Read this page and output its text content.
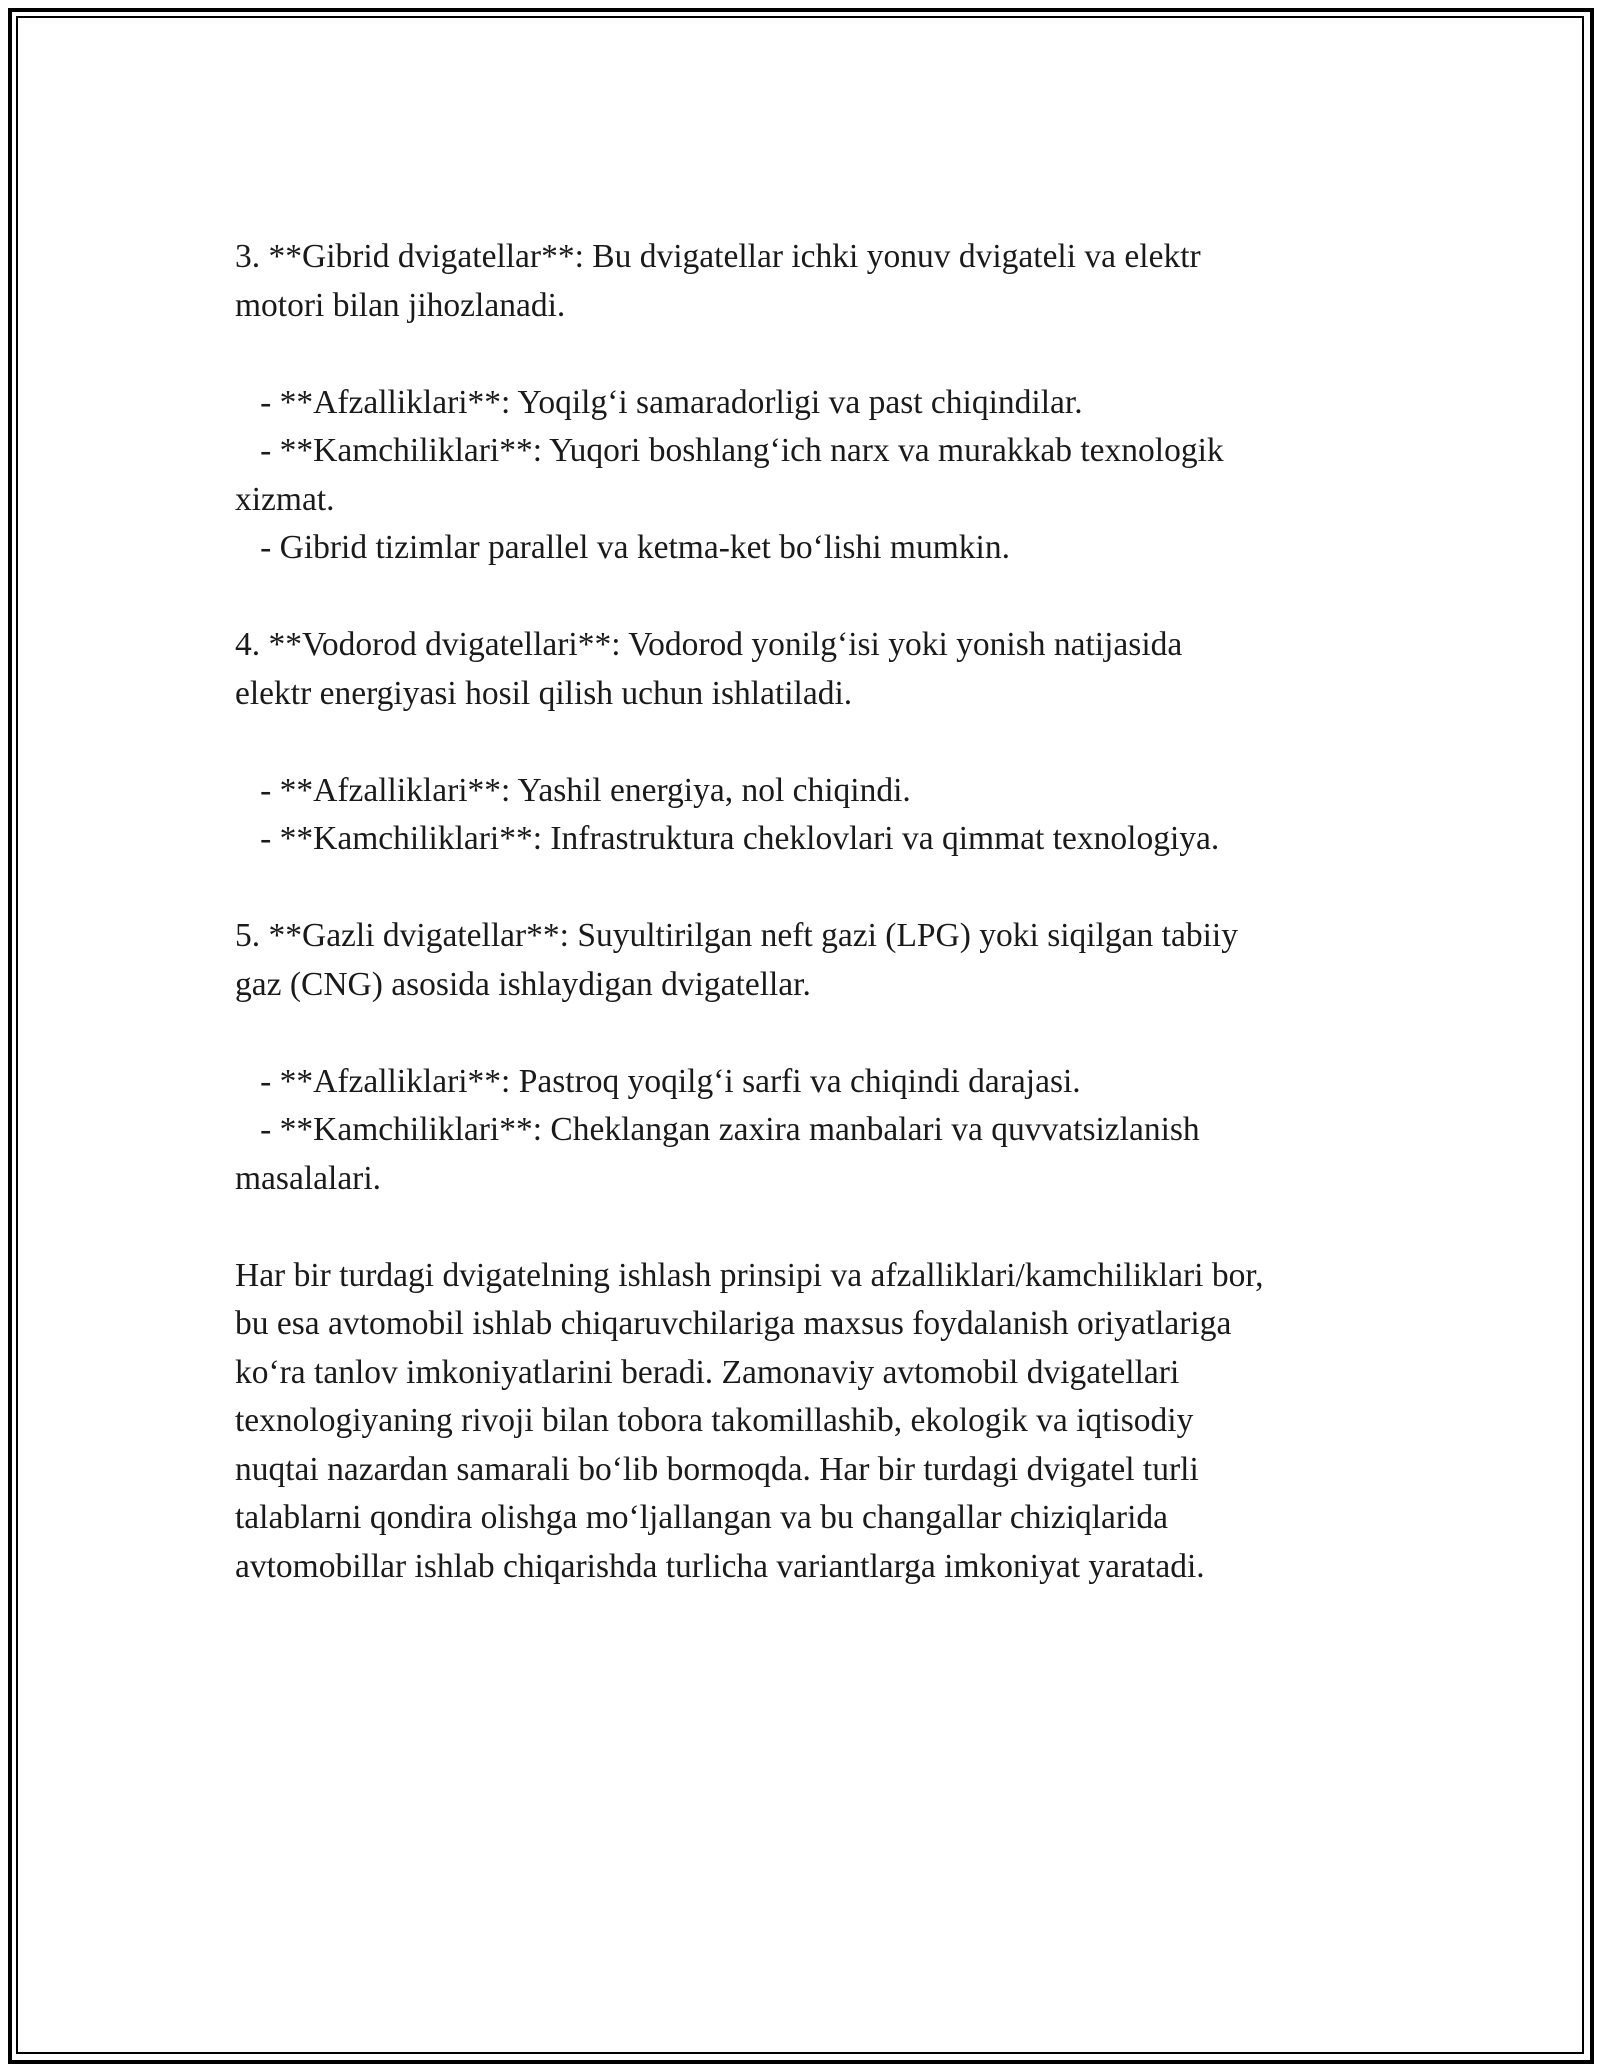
3. **Gibrid dvigatellar**: Bu dvigatellar ichki yonuv dvigateli va elektr
motori bilan jihozlanadi.
- **Afzalliklari**: Yoqilg‘i samaradorligi va past chiqindilar.
- **Kamchiliklari**: Yuqori boshlang‘ich narx va murakkab texnologik
xizmat.
- Gibrid tizimlar parallel va ketma-ket bo‘lishi mumkin.
4. **Vodorod dvigatellari**: Vodorod yonilg‘isi yoki yonish natijasida
elektr energiyasi hosil qilish uchun ishlatiladi.
- **Afzalliklari**: Yashil energiya, nol chiqindi.
- **Kamchiliklari**: Infrastruktura cheklovlari va qimmat texnologiya.
5. **Gazli dvigatellar**: Suyultirilgan neft gazi (LPG) yoki siqilgan tabiiy
gaz (CNG) asosida ishlaydigan dvigatellar.
- **Afzalliklari**: Pastroq yoqilg‘i sarfi va chiqindi darajasi.
- **Kamchiliklari**: Cheklangan zaxira manbalari va quvvatsizlanish
masalalari.
Har bir turdagi dvigatelning ishlash prinsipi va afzalliklari/kamchiliklari bor,
bu esa avtomobil ishlab chiqaruvchilariga maxsus foydalanish oriyatlariga
ko‘ra tanlov imkoniyatlarini beradi. Zamonaviy avtomobil dvigatellari
texnologiyaning rivoji bilan tobora takomillashib, ekologik va iqtisodiy
nuqtai nazardan samarali bo‘lib bormoqda. Har bir turdagi dvigatel turli
talablarni qondira olishga mo‘ljallangan va bu changallar chiziqlarida
avtomobillar ishlab chiqarishda turlicha variantlarga imkoniyat yaratadi.
